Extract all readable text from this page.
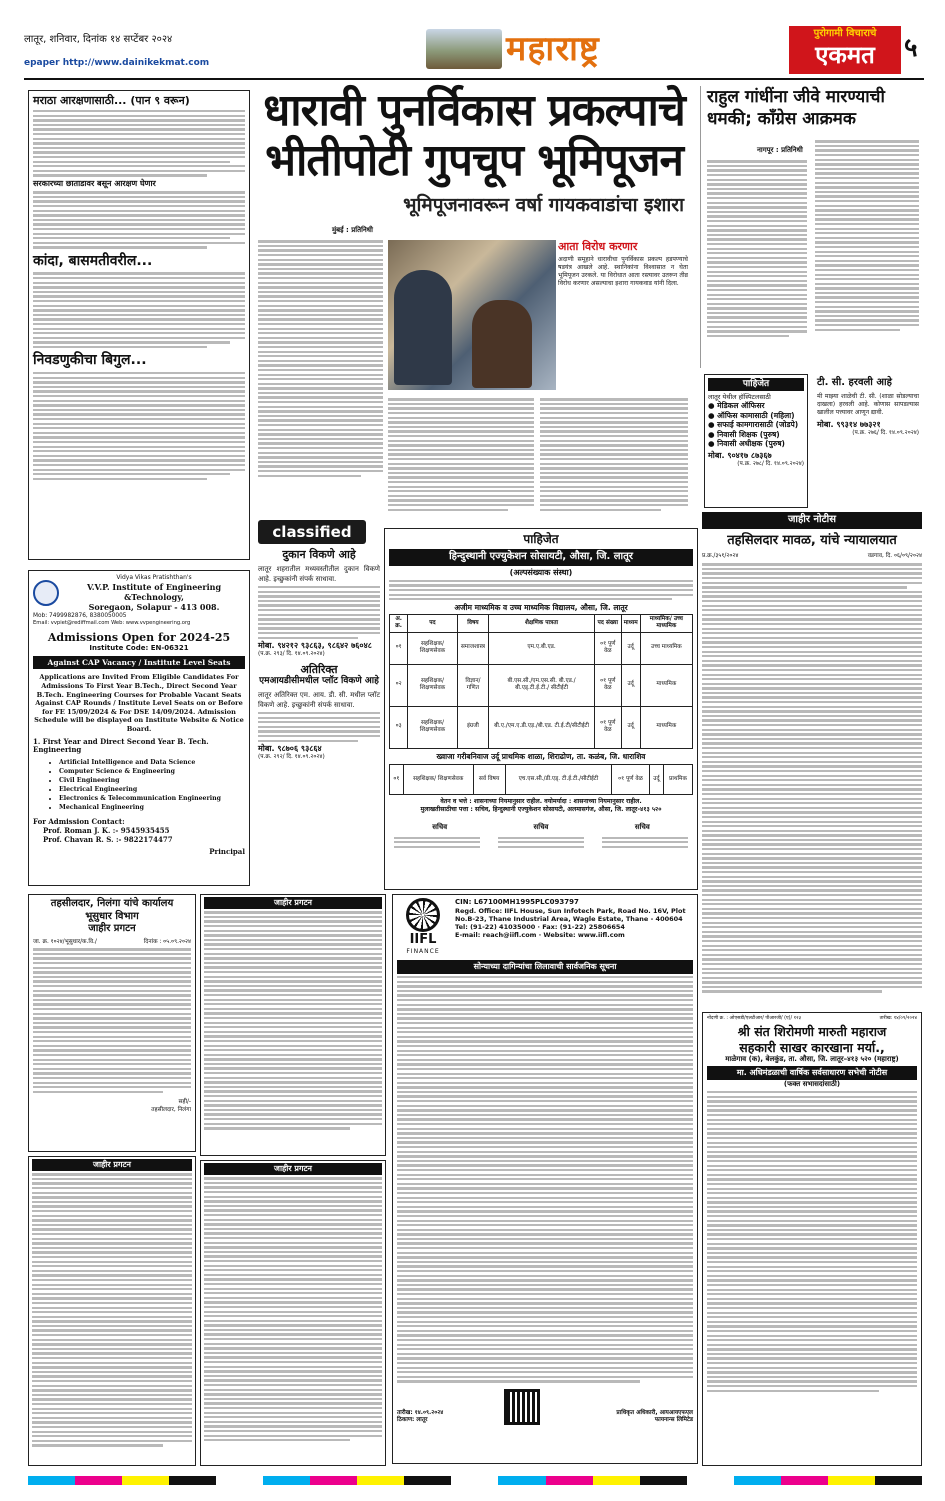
लातूर, शनिवार, दिनांक १४ सप्टेंबर २०२४
epaper http://www.dainikekmat.com	महाराष्ट्र	पुरोगामी विचाराचे
एकमत	५
मराठा आरक्षणासाठी... (पान ९ वरून)
सरकारच्या छाताडावर बसून आरक्षण घेणार
कांदा, बासमतीवरील...
निवडणुकीचा बिगुल...
धारावी पुनर्विकास प्रकल्पाचे
भीतीपोटी गुपचूप भूमिपूजन
भूमिपूजनावरून वर्षा गायकवाडांचा इशारा
मुंबई : प्रतिनिधी
आता विरोध करणार
अदाणी समूहाने धारावीचा पुनर्विकास प्रकल्प हडपण्याचे षडयंत्र आखले आहे. स्थानिकांना विश्वासात न घेता भूमिपूजन उरकले. या विरोधात आता रस्त्यावर उतरून तीव्र विरोध करणार असल्याचा इशारा गायकवाड यांनी दिला.
राहुल गांधींना जीवे मारण्याची
धमकी; काँग्रेस आक्रमक
नागपूर : प्रतिनिधी
पाहिजेत
लातूर येथील हॉस्पिटलसाठी
● मेडिकल ऑफिसर
● ऑफिस कामासाठी (महिला)
● सफाई कामगारासाठी (जोडपे)
● निवासी शिक्षक (पुरुष)
● निवासी अधीक्षक (पुरुष)
मोबा. ९०४१७ ८७३६७
(प.क्र. २७८/ दि. १४.०९.२०२४)
टी. सी. हरवली आहे
मी माझ्या शाळेची टी. सी. (शाळा सोडल्याचा दाखला) हरवली आहे. कोणास सापडल्यास खालील पत्त्यावर आणून द्यावी.
मोबा. ९९३१४ ७७३२१
(प.क्र. २७६/ दि. १४.०९.२०२४)
जाहीर नोटीस
तहसिलदार मावळ, यांचे न्यायालयात
प्र.क्र./३५१/२०२४	वडगाव, दि. ०६/०९/२०२४
classified
दुकान विकणे आहे
लातूर शहरातील मध्यवस्तीतील दुकान विकणे आहे. इच्छुकांनी संपर्क साधावा.
मोबा. ९४२१२ ९३८६३, ९८६४२ ७६०४८
(प.क्र. २९३/ दि. १४.०९.२०२४)
अतिरिक्त
एमआयडीसीमधील प्लॉट विकणे आहे
लातूर अतिरिक्त एम. आय. डी. सी. मधील प्लॉट विकणे आहे. इच्छुकांनी संपर्क साधावा.
मोबा. ९८७०६ ९३८६४
(प.क्र. २९२/ दि. १४.०९.२०२४)
Vidya Vikas Pratishthan's
V.V.P. Institute of Engineering &Technology,
Soregaon, Solapur - 413 008.
Mob: 7499982876, 8380050005
Email: vvpiet@rediffmail.com Web: www.vvpengineering.org
Admissions Open for 2024-25
Institute Code: EN-06321
Against CAP Vacancy / Institute Level Seats
Applications are Invited From Eligible Candidates For Admissions To First Year B.Tech., Direct Second Year B.Tech. Engineering Courses for Probable Vacant Seats Against CAP Rounds / Institute Level Seats on or Before for FE 15/09/2024 & For DSE 14/09/2024. Admission Schedule will be displayed on Institute Website & Notice Board.
1. First Year and Direct Second Year B. Tech. Engineering
• Artificial Intelligence and Data Science
• Computer Science & Engineering
• Civil Engineering
• Electrical Engineering
• Electronics & Telecommunication Engineering
• Mechanical Engineering
For Admission Contact:
Prof. Roman J. K. :- 9545935455
Prof. Chavan R. S. :- 9822174477
Principal
पाहिजेत
हिन्दुस्थानी एज्युकेशन सोसायटी, औसा, जि. लातूर
(अल्पसंख्याक संस्था)
अजीम माध्यमिक व उच्च माध्यमिक विद्यालय, औसा, जि. लातूर
अ. क्र.	पद	विषय	शैक्षणिक पात्रता	पद संख्या	माध्यम	माध्यमिक/ उच्च माध्यमिक
०१	सहशिक्षक/ शिक्षणसेवक	समाजशास्त्र	एम.ए.बी.एड.	०१ पूर्ण वेळ	उर्दू	उच्च माध्यमिक
०२	सहशिक्षक/ शिक्षणसेवक	विज्ञान/गणित	बी.एस.सी./एम.एस.सी. बी.एड./बी.एड्.टी.ई.टी./ सीटीईटी	०१ पूर्ण वेळ	उर्दू	माध्यमिक
०३	सहशिक्षक/ शिक्षणसेवक	इंग्रजी	बी.ए./एम.ए.डी.एड़./बी.एड. टी.ई.टी/सीटीईटी	०१ पूर्ण वेळ	उर्दू	माध्यमिक
ख्वाजा गरीबनिवाज उर्दू प्राथमिक शाळा, शिराढोण, ता. कळंब, जि. धाराशिव
०१	सहशिक्षक/ शिक्षणसेवक	सर्व विषय	एच.एस.सी./डी.एड्. टी.ई.टी./सीटीईटी	०१ पूर्ण वेळ	उर्दू	प्राथमिक
वेतन व भत्ते : शासनाच्या नियमानुसार राहील. वयोमर्यादा : शासनाच्या नियमानुसार राहील.
मुलाखतीसाठीचा पत्ता : सचिव, हिन्दुस्थानी एज्युकेशन सोसायटी, अलमासगंज, औसा, जि. लातूर-४१३ ५२०
सचिव	सचिव	सचिव
तहसीलदार, निलंगा यांचे कार्यालय
भूसुधार विभाग
जाहीर प्रगटन
जा. क्र. १०२४/भूसुधार/क.वि./	दिनांक : ०५.०९.२०२४
सही/-
तहसीलदार, निलंगा
जाहीर प्रगटन
IIFL
FINANCE
CIN: L67100MH1995PLC093797
Regd. Office: IIFL House, Sun Infotech Park, Road No. 16V, Plot No.B-23, Thane Industrial Area, Wagle Estate, Thane - 400604
Tel: (91-22) 41035000 · Fax: (91-22) 25806654
E-mail: reach@iifl.com · Website: www.iifl.com
सोन्याच्या दागिन्यांचा लिलावाची सार्वजनिक सूचना
तारीख: १४.०९.२०२४
ठिकाण: लातूर
प्राधिकृत अधिकारी, आयआयएफएल फायनान्स लिमिटेड
नोंदणी क्र. : ओएसडी/एलटीआर/ पीआरजी/ (ए)/ १२३	तारीख: १४/०९/२०२४
श्री संत शिरोमणी मारुती महाराज
सहकारी साखर कारखाना मर्या.,
माळेगाव (क), बेलकुंड, ता. औसा, जि. लातूर–४१३ ५२० (महाराष्ट्र)
मा. अधिमंडळाची वार्षिक सर्वसाधारण सभेची नोटीस
(फक्त सभासदांसाठी)
जाहीर प्रगटन	जाहीर प्रगटन
